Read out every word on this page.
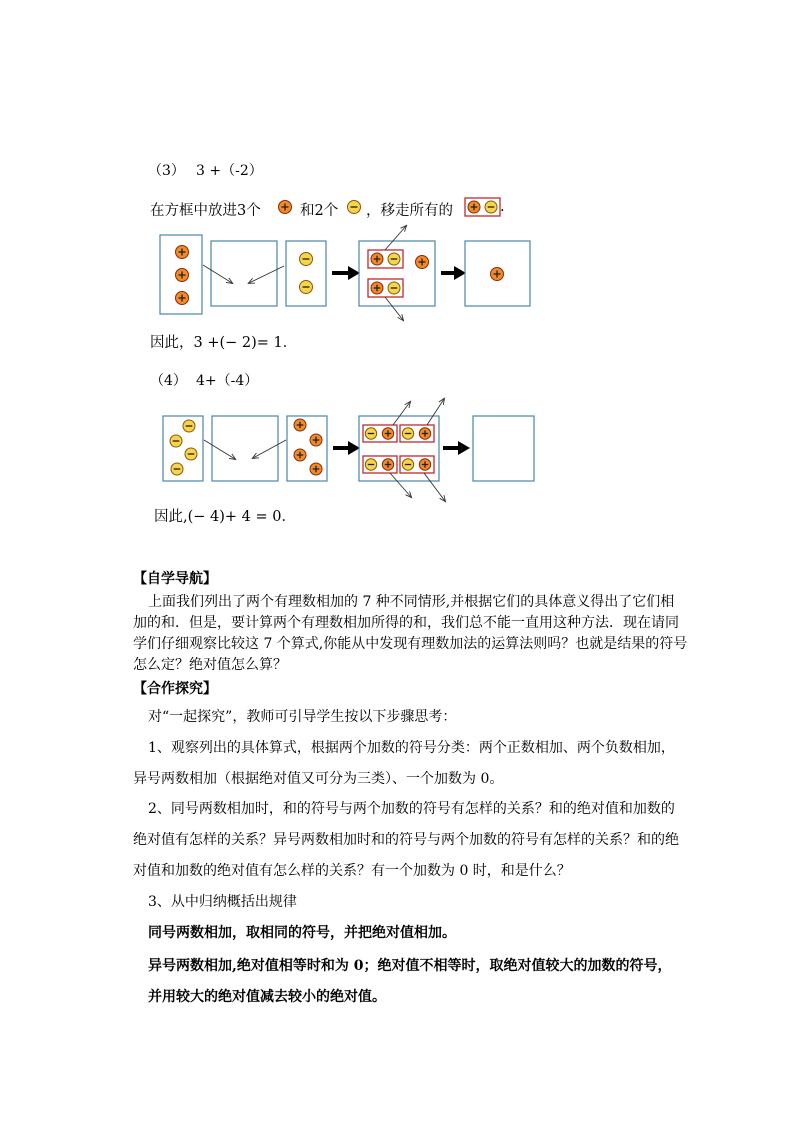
（3） 3 +（-2）
在方框中放进3个	和2个 ，移走所有的	.
因此，3 +(− 2)= 1．
（4） 4+（-4）
因此,(− 4)+ 4 = 0．
【自学导航】
上面我们列出了两个有理数相加的 7 种不同情形,并根据它们的具体意义得出了它们相
加的和．但是，要计算两个有理数相加所得的和，我们总不能一直用这种方法．现在请同
学们仔细观察比较这 7 个算式,你能从中发现有理数加法的运算法则吗？也就是结果的符号
怎么定？绝对值怎么算？
【合作探究】
对“一起探究”，教师可引导学生按以下步骤思考：
1、观察列出的具体算式，根据两个加数的符号分类：两个正数相加、两个负数相加，
异号两数相加（根据绝对值又可分为三类）、一个加数为 0。
2、同号两数相加时，和的符号与两个加数的符号有怎样的关系？和的绝对值和加数的
绝对值有怎样的关系？异号两数相加时和的符号与两个加数的符号有怎样的关系？和的绝
对值和加数的绝对值有怎么样的关系？有一个加数为 0 时，和是什么？
3、从中归纳概括出规律
同号两数相加，取相同的符号，并把绝对值相加。
异号两数相加,绝对值相等时和为 0；绝对值不相等时，取绝对值较大的加数的符号，
并用较大的绝对值减去较小的绝对值。
